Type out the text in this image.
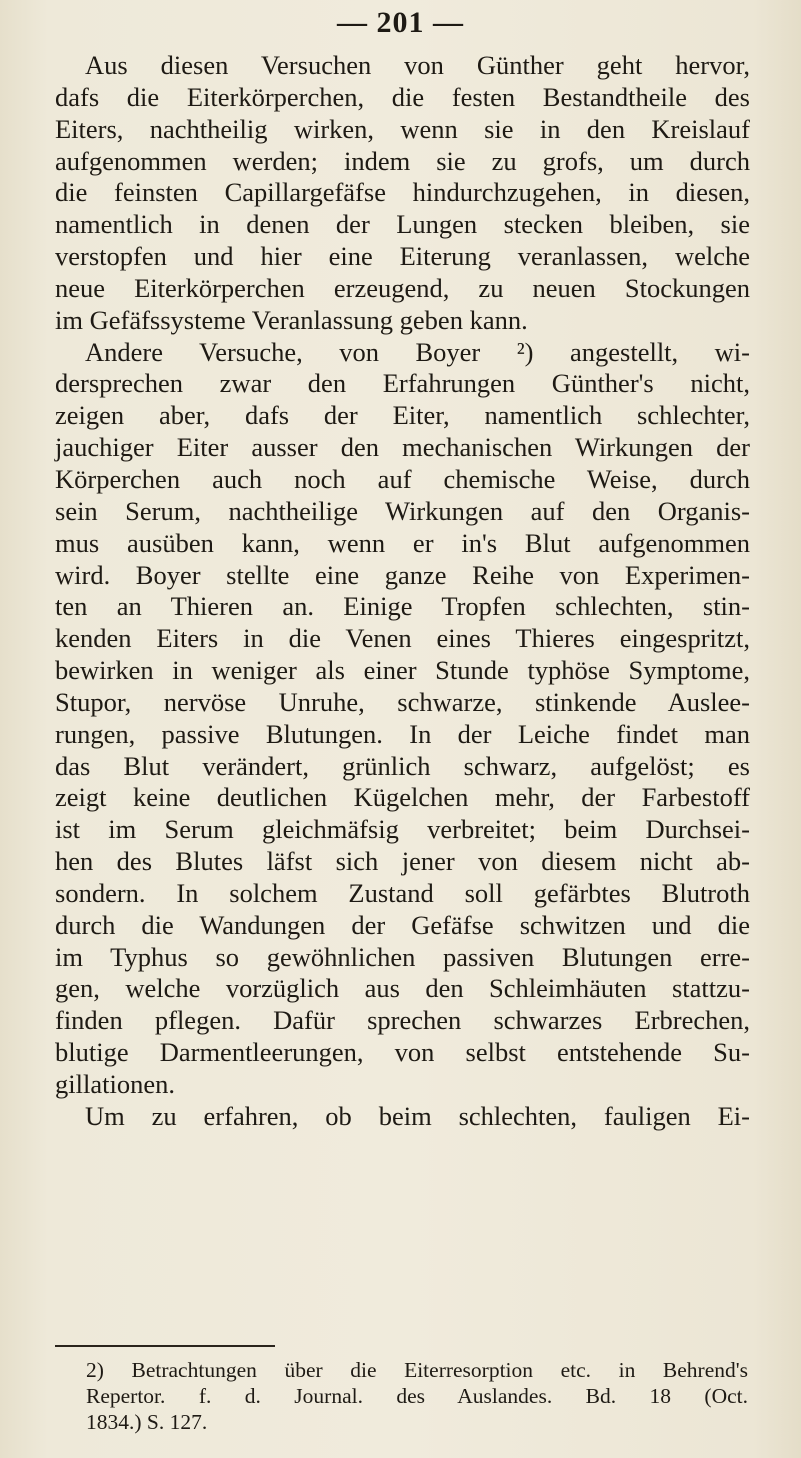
— 201 —
Aus diesen Versuchen von Günther geht hervor,
dafs die Eiterkörperchen, die festen Bestandtheile des
Eiters, nachtheilig wirken, wenn sie in den Kreislauf
aufgenommen werden; indem sie zu grofs, um durch
die feinsten Capillargefäfse hindurchzugehen, in diesen,
namentlich in denen der Lungen stecken bleiben, sie
verstopfen und hier eine Eiterung veranlassen, welche
neue Eiterkörperchen erzeugend, zu neuen Stockungen
im Gefäfssysteme Veranlassung geben kann.
Andere Versuche, von Boyer ²) angestellt, wi-
dersprechen zwar den Erfahrungen Günther's nicht,
zeigen aber, dafs der Eiter, namentlich schlechter,
jauchiger Eiter ausser den mechanischen Wirkungen der
Körperchen auch noch auf chemische Weise, durch
sein Serum, nachtheilige Wirkungen auf den Organis-
mus ausüben kann, wenn er in's Blut aufgenommen
wird. Boyer stellte eine ganze Reihe von Experimen-
ten an Thieren an. Einige Tropfen schlechten, stin-
kenden Eiters in die Venen eines Thieres eingespritzt,
bewirken in weniger als einer Stunde typhöse Symptome,
Stupor, nervöse Unruhe, schwarze, stinkende Auslee-
rungen, passive Blutungen. In der Leiche findet man
das Blut verändert, grünlich schwarz, aufgelöst; es
zeigt keine deutlichen Kügelchen mehr, der Farbestoff
ist im Serum gleichmäfsig verbreitet; beim Durchsei-
hen des Blutes läfst sich jener von diesem nicht ab-
sondern. In solchem Zustand soll gefärbtes Blutroth
durch die Wandungen der Gefäfse schwitzen und die
im Typhus so gewöhnlichen passiven Blutungen erre-
gen, welche vorzüglich aus den Schleimhäuten stattzu-
finden pflegen. Dafür sprechen schwarzes Erbrechen,
blutige Darmentleerungen, von selbst entstehende Su-
gillationen.
Um zu erfahren, ob beim schlechten, fauligen Ei-
2) Betrachtungen über die Eiterresorption etc. in Behrend's
Repertor. f. d. Journal. des Auslandes. Bd. 18 (Oct.
1834.) S. 127.
